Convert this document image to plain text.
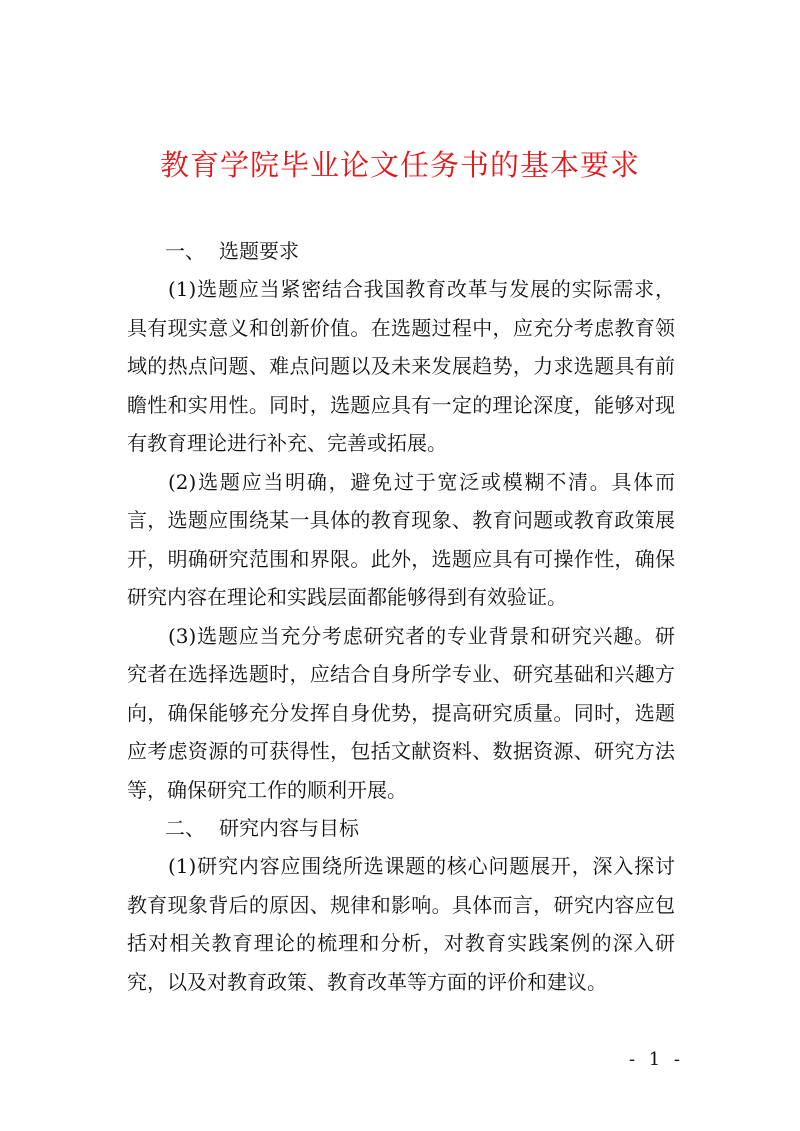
教育学院毕业论文任务书的基本要求
一、 选题要求

(1)选题应当紧密结合我国教育改革与发展的实际需求，具有现实意义和创新价值。在选题过程中，应充分考虑教育领域的热点问题、难点问题以及未来发展趋势，力求选题具有前瞻性和实用性。同时，选题应具有一定的理论深度，能够对现有教育理论进行补充、完善或拓展。

(2)选题应当明确，避免过于宽泛或模糊不清。具体而言，选题应围绕某一具体的教育现象、教育问题或教育政策展开，明确研究范围和界限。此外，选题应具有可操作性，确保研究内容在理论和实践层面都能够得到有效验证。

(3)选题应当充分考虑研究者的专业背景和研究兴趣。研究者在选择选题时，应结合自身所学专业、研究基础和兴趣方向，确保能够充分发挥自身优势，提高研究质量。同时，选题应考虑资源的可获得性，包括文献资料、数据资源、研究方法等，确保研究工作的顺利开展。

二、 研究内容与目标

(1)研究内容应围绕所选课题的核心问题展开，深入探讨教育现象背后的原因、规律和影响。具体而言，研究内容应包括对相关教育理论的梳理和分析，对教育实践案例的深入研究，以及对教育政策、教育改革等方面的评价和建议。

- 1 -
